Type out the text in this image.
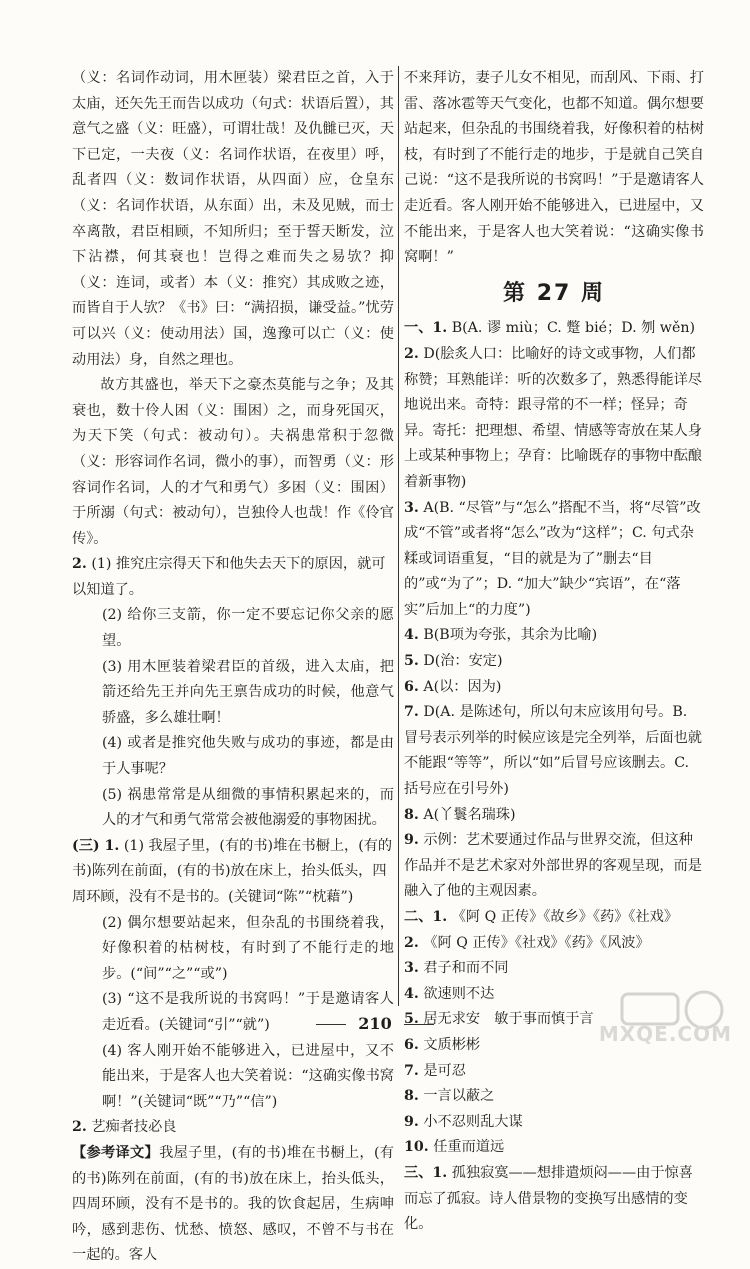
（义：名词作动词，用木匣装）梁君臣之首，入于太庙，还矢先王而告以成功（句式：状语后置），其意气之盛（义：旺盛），可谓壮哉！及仇雠已灭，天下已定，一夫夜（义：名词作状语，在夜里）呼，乱者四（义：数词作状语，从四面）应，仓皇东（义：名词作状语，从东面）出，未及见贼，而士卒离散，君臣相顾，不知所归；至于誓天断发，泣下沾襟，何其衰也！岂得之难而失之易欤？抑（义：连词，或者）本（义：推究）其成败之迹，而皆自于人欤？《书》曰：“满招损，谦受益。”忧劳可以兴（义：使动用法）国，逸豫可以亡（义：使动用法）身，自然之理也。

故方其盛也，举天下之豪杰莫能与之争；及其衰也，数十伶人困（义：围困）之，而身死国灭，为天下笑（句式：被动句）。夫祸患常积于忽微（义：形容词作名词，微小的事），而智勇（义：形容词作名词，人的才气和勇气）多困（义：围困）于所溺（句式：被动句），岂独伶人也哉！作《伶官传》。

2. (1) 推究庄宗得天下和他失去天下的原因，就可以知道了。

(2) 给你三支箭，你一定不要忘记你父亲的愿望。

(3) 用木匣装着梁君臣的首级，进入太庙，把箭还给先王并向先王禀告成功的时候，他意气骄盛，多么雄壮啊！

(4) 或者是推究他失败与成功的事迹，都是由于人事呢？

(5) 祸患常常是从细微的事情积累起来的，而人的才气和勇气常常会被他溺爱的事物困扰。

(三) 1. (1) 我屋子里，(有的书)堆在书橱上，(有的书)陈列在前面，(有的书)放在床上，抬头低头，四周环顾，没有不是书的。(关键词“陈”“枕藉”)

(2) 偶尔想要站起来，但杂乱的书围绕着我，好像积着的枯树枝，有时到了不能行走的地步。(“间”“之”“或”)

(3) “这不是我所说的书窝吗！”于是邀请客人走近看。(关键词“引”“就”)

(4) 客人刚开始不能够进入，已进屋中，又不能出来，于是客人也大笑着说：“这确实像书窝啊！”(关键词“既”“乃”“信”)

2. 艺痴者技必良

【参考译文】我屋子里，(有的书)堆在书橱上，(有的书)陈列在前面，(有的书)放在床上，抬头低头，四周环顾，没有不是书的。我的饮食起居，生病呻吟，感到悲伤、忧愁、愤怒、感叹，不曾不与书在一起的。客人

不来拜访，妻子儿女不相见，而刮风、下雨、打雷、落冰雹等天气变化，也都不知道。偶尔想要站起来，但杂乱的书围绕着我，好像积着的枯树枝，有时到了不能行走的地步，于是就自己笑自己说：“这不是我所说的书窝吗！”于是邀请客人走近看。客人刚开始不能够进入，已进屋中，又不能出来，于是客人也大笑着说：“这确实像书窝啊！”

第 27 周
一、1. B(A. 谬 miù；C. 蹩 bié；D. 刎 wěn)
2. D(脍炙人口：比喻好的诗文或事物，人们都称赞；耳熟能详：听的次数多了，熟悉得能详尽地说出来。奇特：跟寻常的不一样；怪异；奇异。寄托：把理想、希望、情感等寄放在某人身上或某种事物上；孕育：比喻既存的事物中酝酿着新事物)
3. A(B. “尽管”与“怎么”搭配不当，将“尽管”改成“不管”或者将“怎么”改为“这样”；C. 句式杂糅或词语重复，“目的就是为了”删去“目的”或“为了”；D. “加大”缺少“宾语”，在“落实”后加上“的力度”)
4. B(B项为夸张，其余为比喻)
5. D(治：安定)
6. A(以：因为)
7. D(A. 是陈述句，所以句末应该用句号。B. 冒号表示列举的时候应该是完全列举，后面也就不能跟“等等”，所以“如”后冒号应该删去。C. 括号应在引号外)
8. A(丫鬟名瑞珠)
9. 示例：艺术要通过作品与世界交流，但这种作品并不是艺术家对外部世界的客观呈现，而是融入了他的主观因素。
二、1. 《阿 Q 正传》《故乡》《药》《社戏》
2. 《阿 Q 正传》《社戏》《药》《风波》
3. 君子和而不同
4. 欲速则不达
5. 居无求安　敏于事而慎于言
6. 文质彬彬
7. 是可忍
8. 一言以蔽之
9. 小不忍则乱大谋
10. 任重而道远
三、1. 孤独寂寞——想排遣烦闷——由于惊喜而忘了孤寂。诗人借景物的变换写出感情的变化。
210	MXQE.COM
